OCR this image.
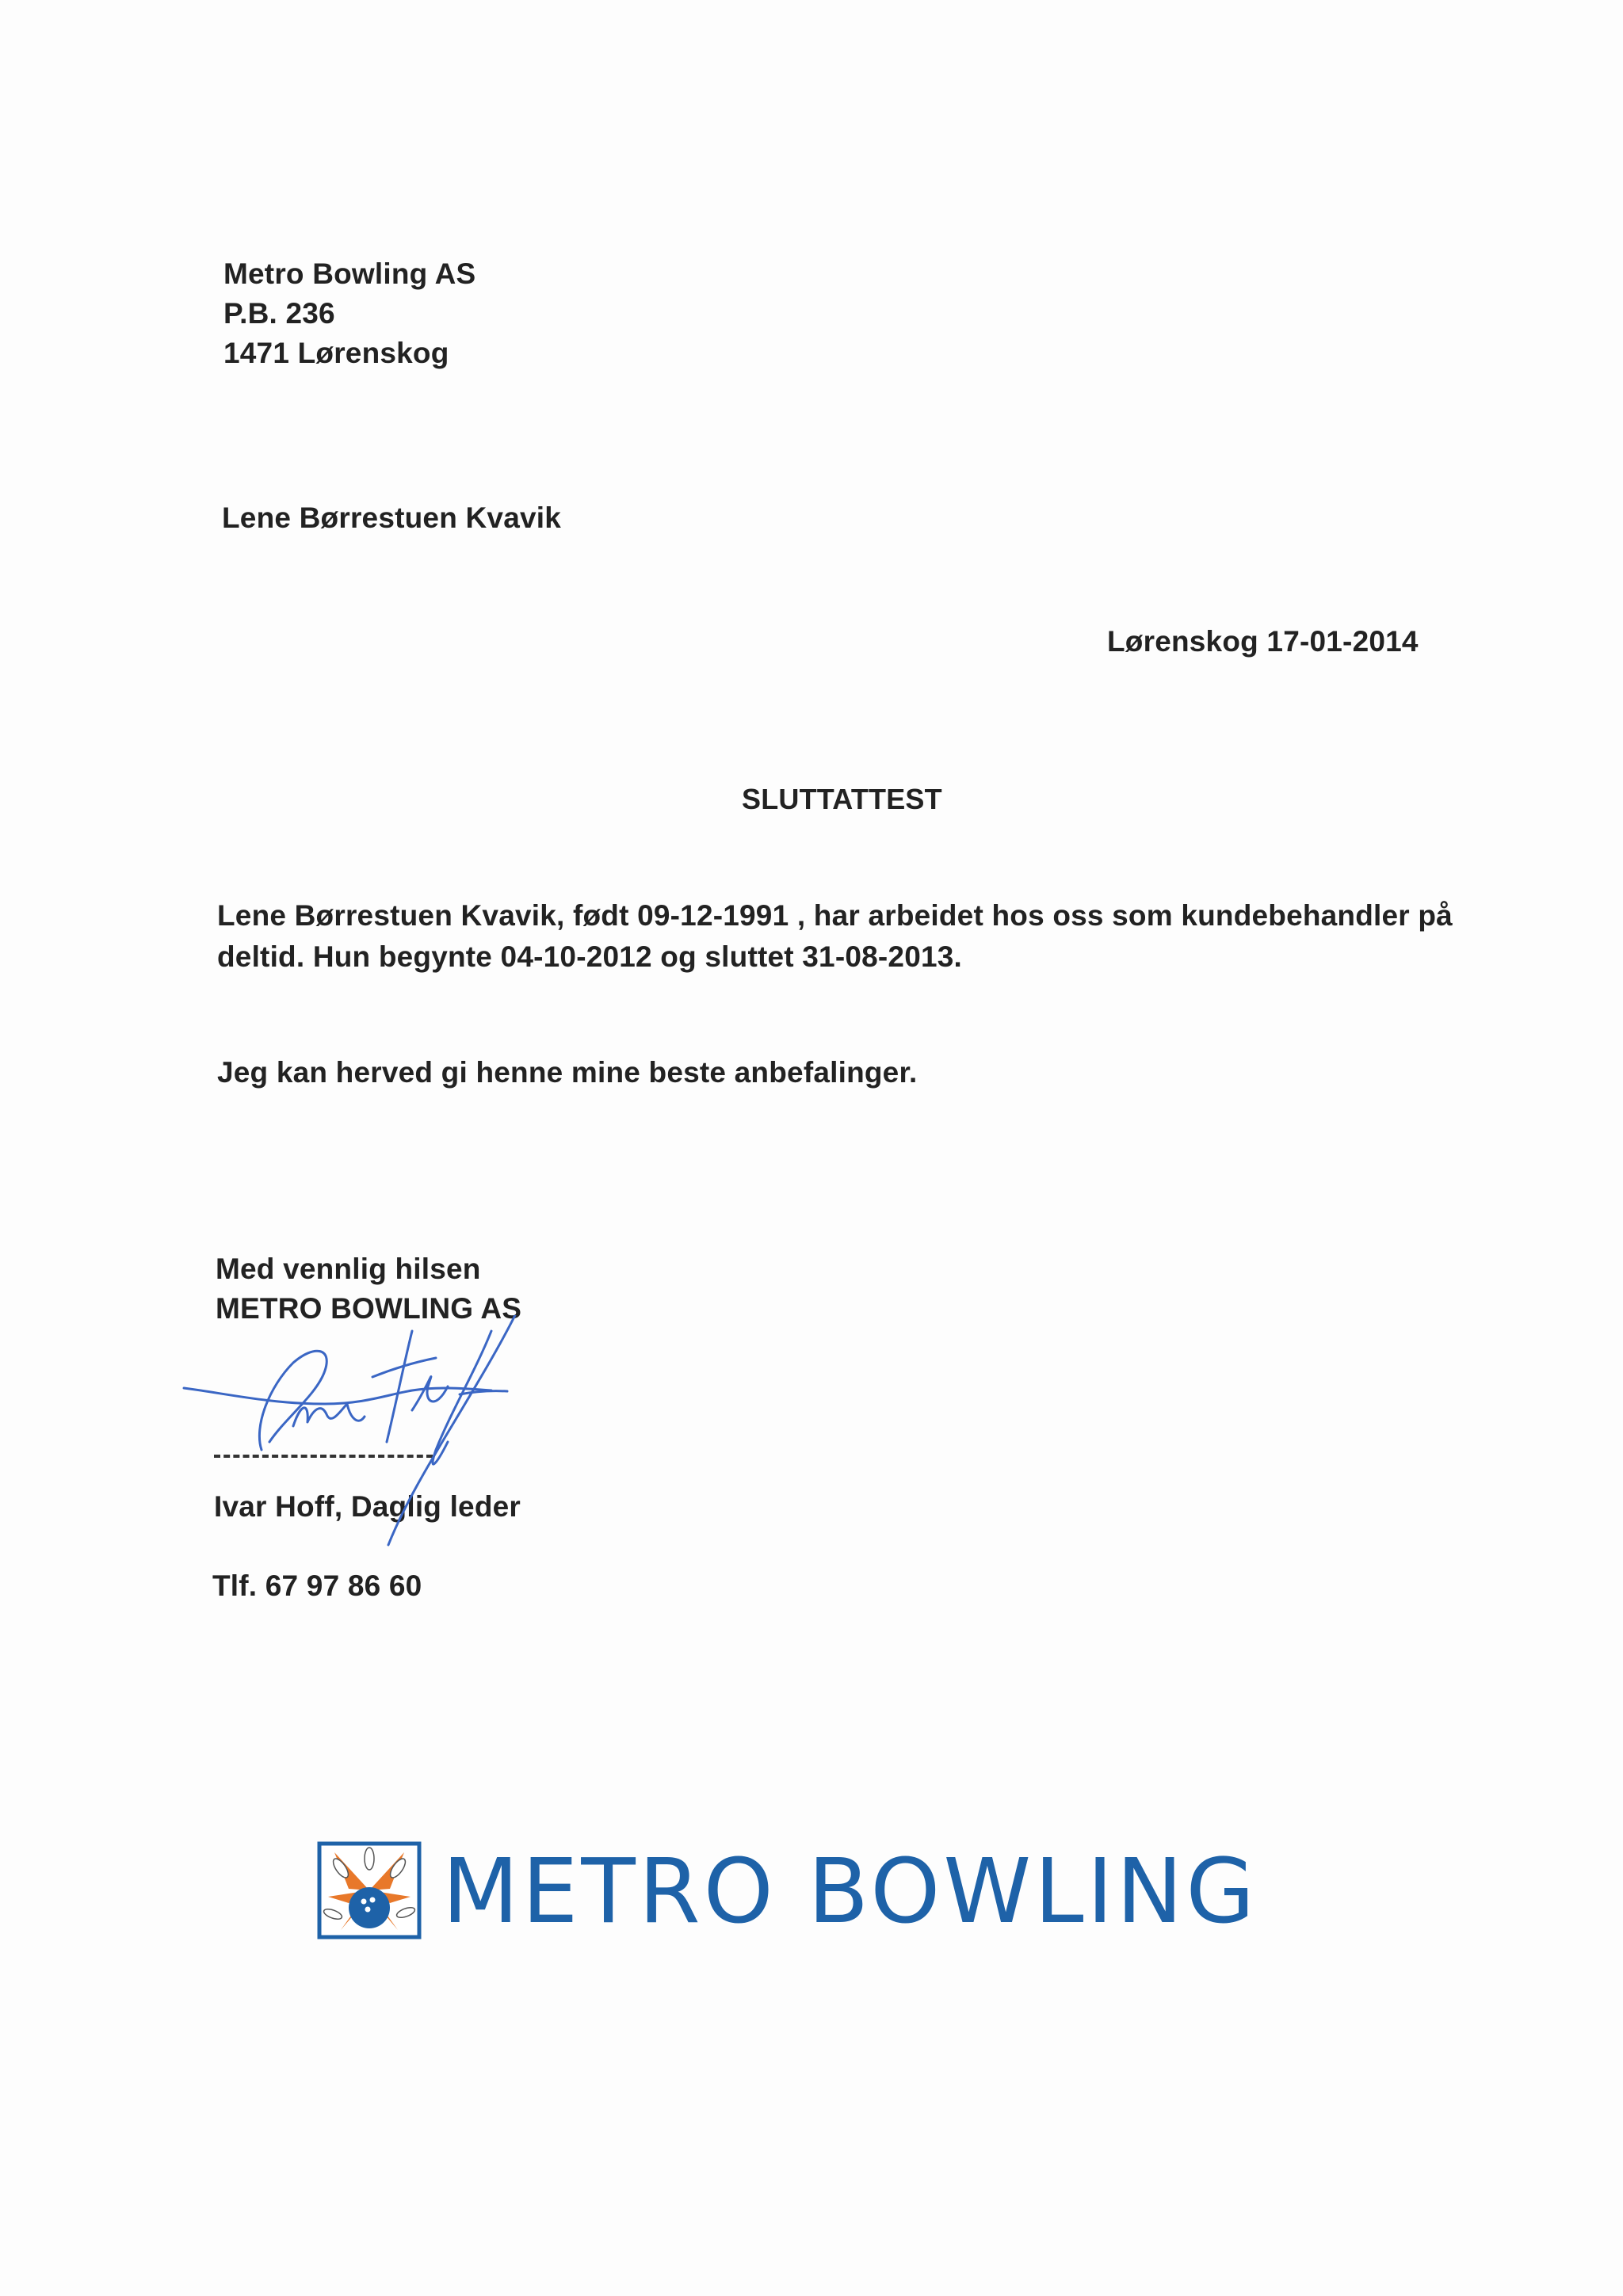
Metro Bowling AS
P.B. 236
1471 Lørenskog
Lene Børrestuen Kvavik
Lørenskog 17-01-2014
SLUTTATTEST
Lene Børrestuen Kvavik, født 09-12-1991 , har arbeidet hos oss som kundebehandler på
deltid. Hun begynte 04-10-2012 og sluttet 31-08-2013.
Jeg kan herved gi henne mine beste anbefalinger.
Med vennlig hilsen
METRO BOWLING AS
Ivar Hoff, Daglig leder
Tlf. 67 97 86 60
METRO BOWLING
